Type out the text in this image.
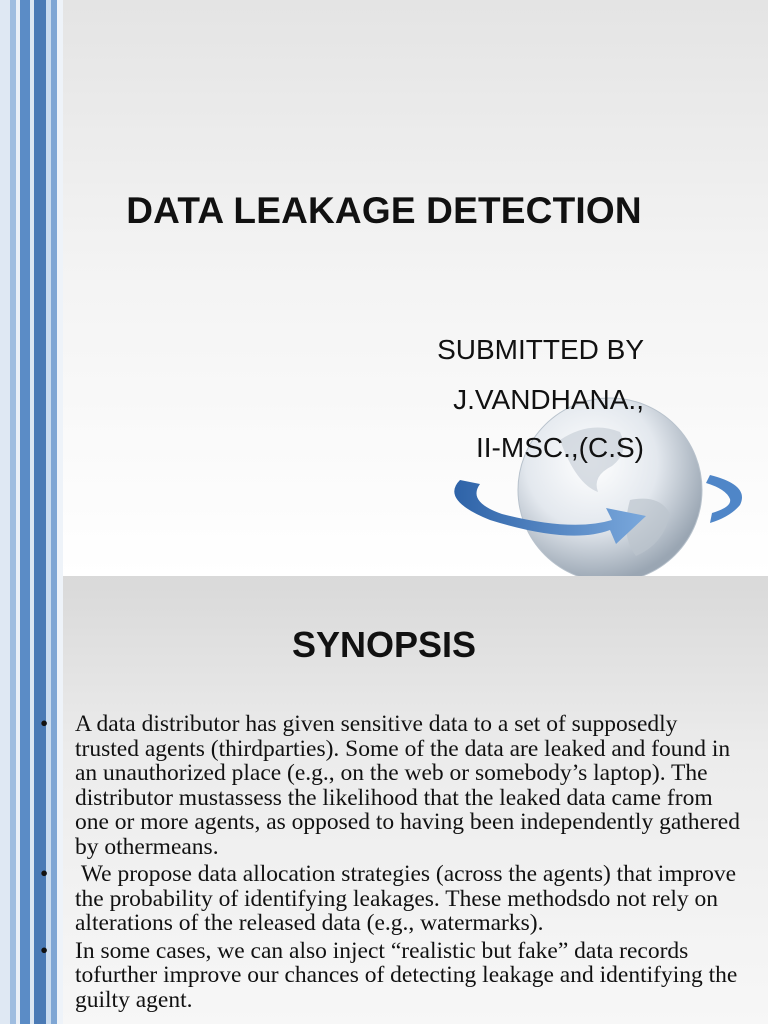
DATA LEAKAGE DETECTION
SUBMITTED BY
J.VANDHANA.,
II-MSC.,(C.S)
SYNOPSIS
• A data distributor has given sensitive data to a set of supposedly trusted agents (thirdparties). Some of the data are leaked and found in an unauthorized place (e.g., on the web or somebody’s laptop). The distributor mustassess the likelihood that the leaked data came from one or more agents, as opposed to having been independently gathered by othermeans.
• We propose data allocation strategies (across the agents) that improve the probability of identifying leakages. These methodsdo not rely on alterations of the released data (e.g., watermarks).
• In some cases, we can also inject “realistic but fake” data records tofurther improve our chances of detecting leakage and identifying the guilty agent.
